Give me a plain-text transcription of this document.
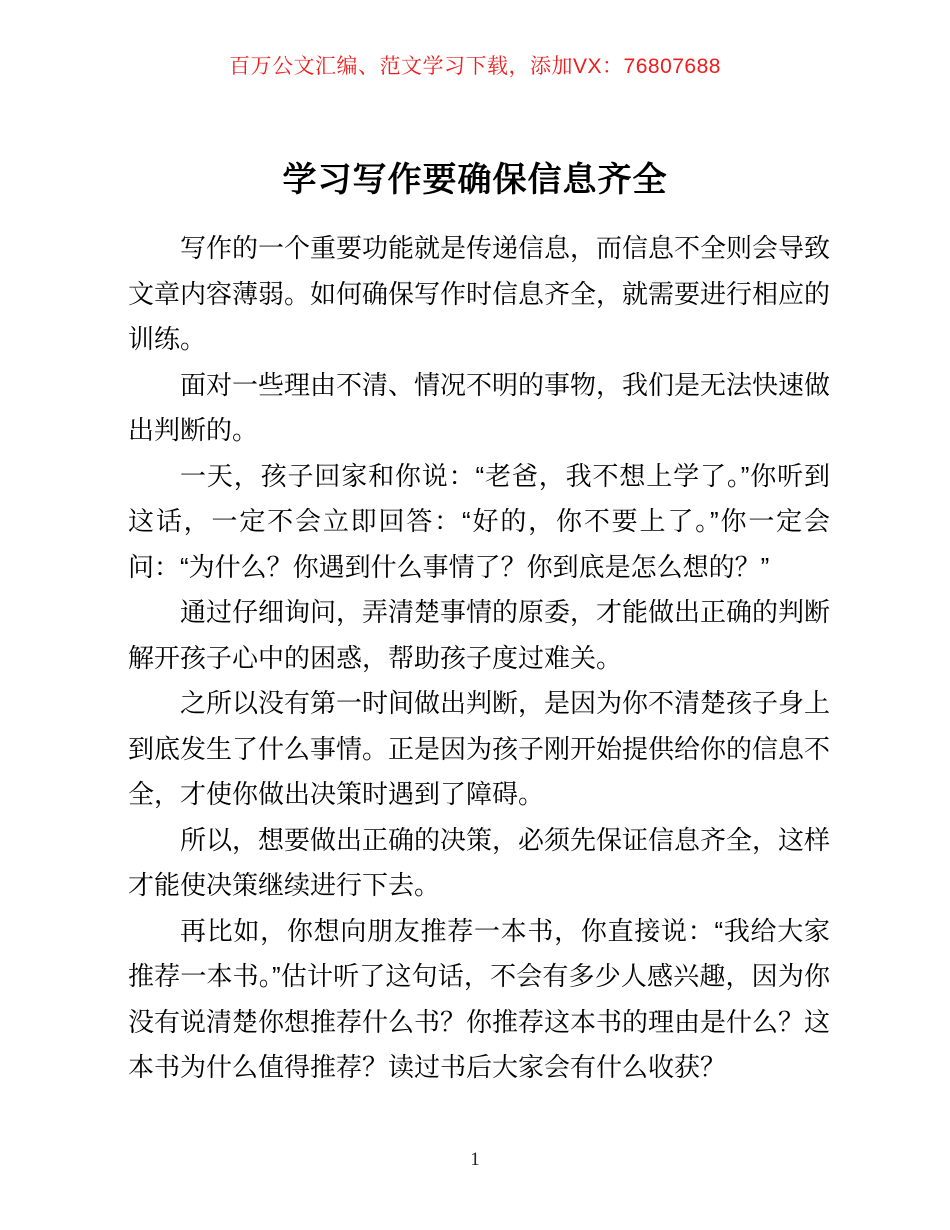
百万公文汇编、范文学习下载，添加VX：76807688
学习写作要确保信息齐全

写作的一个重要功能就是传递信息，而信息不全则会导致文章内容薄弱。如何确保写作时信息齐全，就需要进行相应的训练。

面对一些理由不清、情况不明的事物，我们是无法快速做出判断的。

一天，孩子回家和你说：“老爸，我不想上学了。”你听到这话，一定不会立即回答：“好的，你不要上了。”你一定会问：“为什么？你遇到什么事情了？你到底是怎么想的？”

通过仔细询问，弄清楚事情的原委，才能做出正确的判断解开孩子心中的困惑，帮助孩子度过难关。

之所以没有第一时间做出判断，是因为你不清楚孩子身上到底发生了什么事情。正是因为孩子刚开始提供给你的信息不全，才使你做出决策时遇到了障碍。

所以，想要做出正确的决策，必须先保证信息齐全，这样才能使决策继续进行下去。

再比如，你想向朋友推荐一本书，你直接说：“我给大家推荐一本书。”估计听了这句话，不会有多少人感兴趣，因为你没有说清楚你想推荐什么书？你推荐这本书的理由是什么？这本书为什么值得推荐？读过书后大家会有什么收获？

1
